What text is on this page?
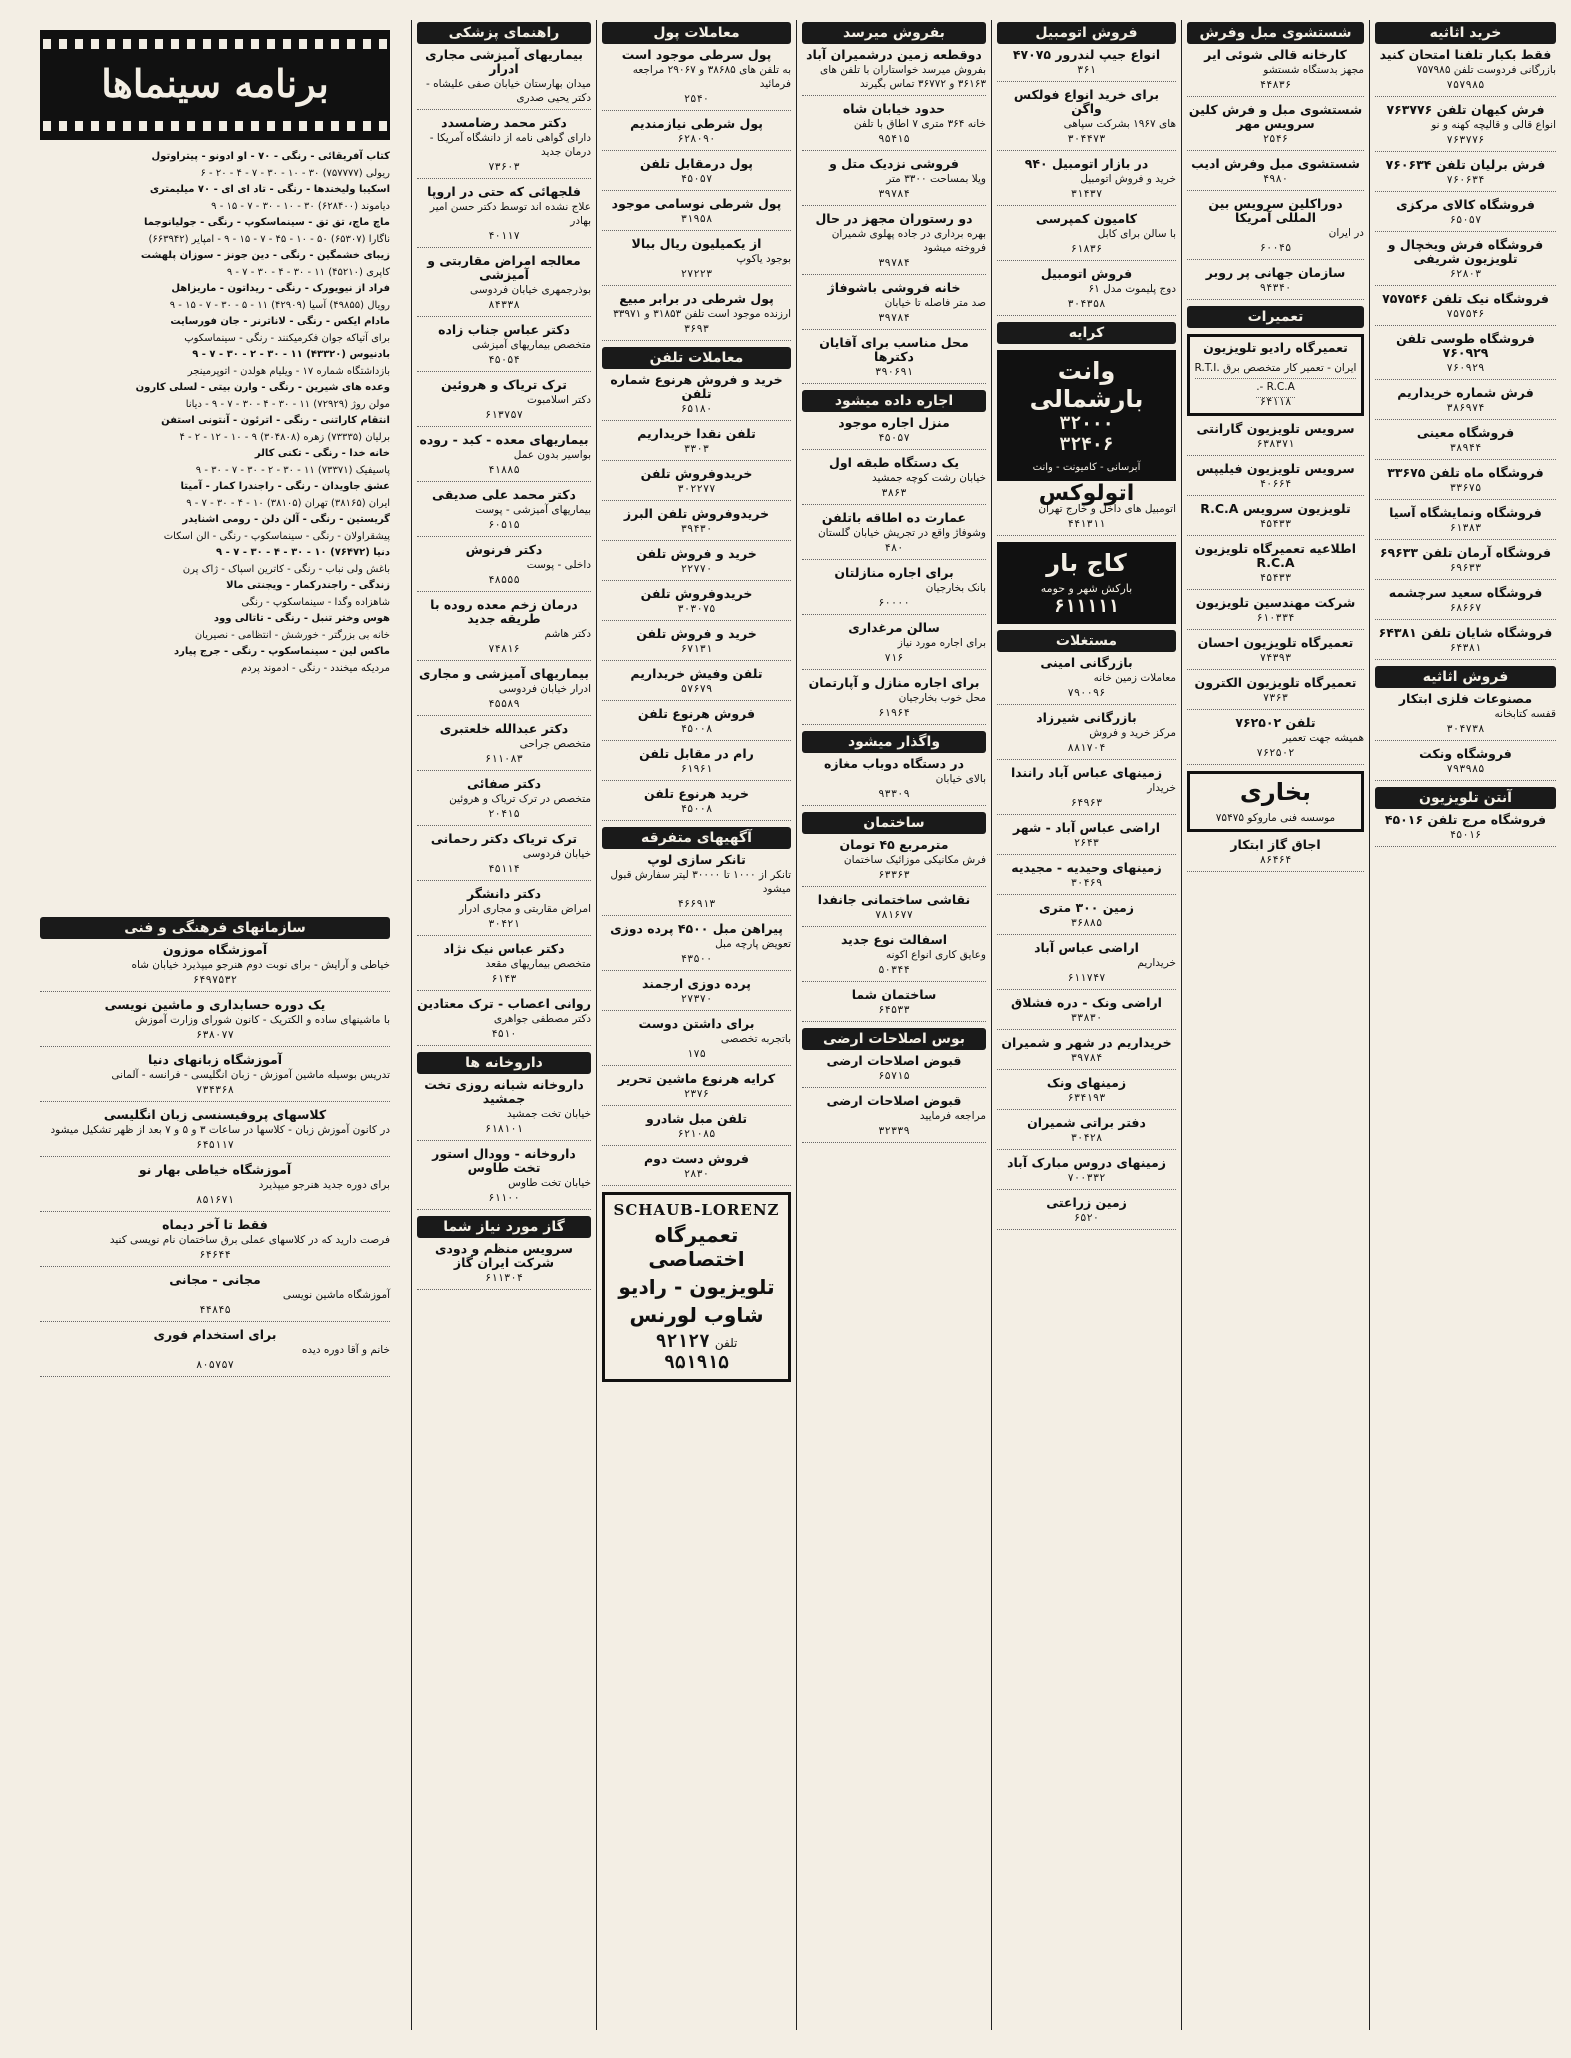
برنامه سینماها

کتاب آفریقائی - رنگی - ۷۰ - او ادونو - پیتراوتول

ریولی (۷۵۷۷۷۷) ۳۰ - ۱۰ - ۳۰ - ۷ - ۴ - ۲۰ - ۶

اسکیبا ولیخندها - رنگی - تاد ای ای - ۷۰ میلیمتری

دیاموند (۶۲۸۴۰۰) ۳۰ - ۱۰ - ۳۰ - ۷ - ۱۵ - ۹

ماچ ماچ، تق تق - سینماسکوپ - رنگی - جولیانوجما

ناگارا (۶۵۳۰۷) ۵۰ - ۱۰ - ۴۵ - ۷ - ۱۵ - ۹ - امپایر (۶۶۳۹۴۲)

زیبای خشمگین - رنگی - دین جونز - سوزان پلهشت

کاپری (۴۵۲۱۰) ۱۱ - ۳۰ - ۴ - ۳۰ - ۷ - ۹

فراد از نیویورک - رنگی - ریداتون - ماریزاهل

رویال (۴۹۸۵۵) آسیا (۴۲۹۰۹) ۱۱ - ۵ - ۳۰ - ۷ - ۱۵ - ۹

مادام ایکس - رنگی - لاناترنر - جان فورسایت

برای آتیاکه جوان فکرمیکنند - رنگی - سینماسکوپ

بادنیوس (۴۳۳۲۰) ۱۱ - ۳۰ - ۲ - ۳۰ - ۷ - ۹

بازداشتگاه شماره ۱۷ - ویلیام هولدن - اتوپرمینجر

وعده های شیرین - رنگی - وارن بیتی - لسلی کارون

مولن روژ (۷۲۹۲۹) ۱۱ - ۳۰ - ۴ - ۳۰ - ۷ - ۹ - دیانا

انتقام کاراتنی - رنگی - اترئون - آنتونی استفن

برلیان (۷۳۳۳۵) زهره (۳۰۴۸۰۸) ۹ - ۱۰ - ۱۲ - ۲ - ۴

خانه خدا - رنگی - تکنی کالر

پاسیفیک (۷۳۳۷۱) ۱۱ - ۳۰ - ۲ - ۳۰ - ۷ - ۳۰ - ۹

عشق جاویدان - رنگی - راجندرا کمار - آمیتا

ایران (۳۸۱۶۵) تهران (۳۸۱۰۵) ۱۰ - ۴ - ۳۰ - ۷ - ۹

گریستین - رنگی - آلن دلن - رومی اشنایدر

پیشقراولان - رنگی - سینماسکوپ - رنگی - الن اسکات

دنیا (۷۶۴۷۲) ۱۰ - ۳۰ - ۴ - ۳۰ - ۷ - ۹

باغش ولی نباب - رنگی - کاترین اسپاک - ژاک پرن

زندگی - راجندرکمار - ویجنتی مالا

شاهزاده وگدا - سینماسکوپ - رنگی

هوس وختر تنبل - رنگی - تاتالی وود

خانه بی بزرگتر - خورشش - انتظامی - نصیریان

ماکس لین - سینماسکوپ - رنگی - جرج پیارد

مردیکه میخندد - رنگی - ادموند پردم

سازمانهای فرهنگی و فنی
آموزشگاه موزون
خیاطی و آرایش - برای نوبت دوم هنرجو میپذیرد خیابان شاه
۶۴۹۷۵۳۲
یک دوره حسابداری و ماشین نویسی
با ماشینهای ساده و الکتریک - کانون شورای وزارت آموزش
۶۳۸۰۷۷
آموزشگاه زبانهای دنیا
تدریس بوسیله ماشین آموزش - زبان انگلیسی - فرانسه - آلمانی
۷۳۴۳۶۸
کلاسهای پروفیسنسی زبان انگلیسی
در کانون آموزش زبان - کلاسها در ساعات ۳ و ۵ و ۷ بعد از ظهر تشکیل میشود
۶۴۵۱۱۷
آموزشگاه خیاطی بهار نو
برای دوره جدید هنرجو میپذیرد
۸۵۱۶۷۱
فقط تا آخر دیماه
فرصت دارید که در کلاسهای عملی برق ساختمان نام نویسی کنید
۶۴۶۴۴
مجانی - مجانی
آموزشگاه ماشین نویسی
۴۴۸۴۵
برای استخدام فوری
خانم و آقا دوره دیده
۸۰۵۷۵۷
خرید اثاثیه
فقط بکبار تلفنا امتحان کنید
بازرگانی فردوست تلفن ۷۵۷۹۸۵
۷۵۷۹۸۵
فرش کیهان تلفن ۷۶۳۷۷۶
انواع قالی و قالیچه کهنه و نو
۷۶۳۷۷۶
فرش برلیان تلفن ۷۶۰۶۳۴
۷۶۰۶۳۴
فروشگاه کالای مرکزی
۶۵۰۵۷
فروشگاه فرش ویخچال و تلویزیون شریفی
۶۲۸۰۳
فروشگاه نیک تلفن ۷۵۷۵۴۶
۷۵۷۵۴۶
فروشگاه طوسی تلفن ۷۶۰۹۲۹
۷۶۰۹۲۹
فرش شماره خریداریم
۳۸۶۹۷۴
فروشگاه معینی
۳۸۹۴۴
فروشگاه ماه تلفن ۳۳۶۷۵
۳۳۶۷۵
فروشگاه ونمایشگاه آسیا
۶۱۳۸۳
فروشگاه آرمان تلفن ۶۹۶۳۳
۶۹۶۳۳
فروشگاه سعید سرچشمه
۶۸۶۶۷
فروشگاه شایان تلفن ۶۴۳۸۱
۶۴۳۸۱
فروش اثاثیه
مصنوعات فلزی ابتکار
قفسه کتابخانه
۳۰۴۷۳۸
فروشگاه ونکت
۷۹۳۹۸۵
آنتن تلویزیون
فروشگاه مرج تلفن ۴۵۰۱۶
۴۵۰۱۶
شستشوی مبل وفرش
کارخانه قالی شوئی ایر
مجهز بدستگاه شستشو
۴۴۸۳۶
شستشوی مبل و فرش کلین سرویس مهر
۲۵۴۶
شستشوی مبل وفرش ادیب
۴۹۸۰
دوراکلین سرویس بین المللی آمریکا
در ایران
۶۰۰۴۵
سازمان جهانی پر روبر
۹۴۳۴۰
تعمیرات
تعمیرگاه رادیو تلویزیون
ایران - تعمیر کار متخصص برق R.T.I. - R.C.A.
۶۴۱۱۸
سرویس تلویزیون گارانتی
۶۳۸۳۷۱
سرویس تلویزیون فیلیپس
۴۰۶۶۴
تلویزیون سرویس R.C.A
۴۵۴۳۳
اطلاعیه تعمیرگاه تلویزیون R.C.A
۴۵۴۳۳
شرکت مهندسین تلویزیون
۶۱۰۳۳۴
تعمیرگاه تلویزیون احسان
۷۴۳۹۳
تعمیرگاه تلویزیون الکترون
۷۳۶۳
تلفن ۷۶۲۵۰۲
همیشه جهت تعمیر
۷۶۲۵۰۲
بخاری
موسسه فنی ماروکو ۷۵۴۷۵
اجاق گاز ابتکار
۸۶۴۶۴
فروش اتومبیل
انواع جیپ لندرور ۴۷۰۷۵
۳۶۱
برای خرید انواع فولکس واگن
های ۱۹۶۷ بشرکت سپاهی
۳۰۴۴۷۳
در بازار اتومبیل ۹۴۰
خرید و فروش اتومبیل
۳۱۴۳۷
کامیون کمپرسی
با سالن برای کابل
۶۱۸۳۶
فروش اتومبیل
دوج پلیموت مدل ۶۱
۳۰۴۳۵۸
کرایه
وانت بارشمالی
۳۲۰۰۰
۳۲۴۰۶
آبرسانی - کامیونت - وانت
اتولوکس
اتومبیل های داخل و خارج تهران
۴۴۱۳۱۱
کاج بار
بارکش شهر و حومه
۶۱۱۱۱۱
مستغلات
بازرگانی امینی
معاملات زمین خانه
۷۹۰۰۹۶
بازرگانی شیرزاد
مرکز خرید و فروش
۸۸۱۷۰۴
زمینهای عباس آباد رانندا
خریدار
۶۴۹۶۳
اراضی عباس آباد - شهر
۲۶۴۳
زمینهای وحیدیه - مجیدیه
۳۰۴۶۹
زمین ۳۰۰ متری
۳۶۸۸۵
اراضی عباس آباد
خریداریم
۶۱۱۷۴۷
اراضی ونک - دره فشلاق
۳۳۸۳۰
خریداریم در شهر و شمیران
۳۹۷۸۴
زمینهای ونک
۶۳۴۱۹۳
دفتر براتی شمیران
۳۰۴۲۸
زمینهای دروس مبارک آباد
۷۰۰۳۳۲
زمین زراعتی
۶۵۲۰
بفروش میرسد
دوقطعه زمین درشمیران آباد
بفروش میرسد خواستاران با تلفن های ۳۶۱۶۳ و ۳۶۷۷۲ تماس بگیرند
حدود خیابان شاه
خانه ۳۶۴ متری ۷ اطاق با تلفن
۹۵۴۱۵
فروشی نزدیک متل و
ویلا بمساحت ۳۳۰۰ متر
۳۹۷۸۴
دو رستوران مجهز در حال
بهره برداری در جاده پهلوی شمیران فروخته میشود
۳۹۷۸۴
خانه فروشی باشوفاژ
صد متر فاصله تا خیابان
۳۹۷۸۴
محل مناسب برای آقایان دکترها
۳۹۰۶۹۱
اجاره داده میشود
منزل اجاره موجود
۴۵۰۵۷
یک دستگاه طبقه اول
خیابان رشت کوچه جمشید
۳۸۶۳
عمارت ده اطاقه باتلفن
وشوفاژ واقع در تجریش خیابان گلستان
۴۸۰
برای اجاره منازلتان
بانک بخارجیان
۶۰۰۰۰
سالن مرغداری
برای اجاره مورد نیاز
۷۱۶
برای اجاره منازل و آپارتمان
محل خوب بخارجیان
۶۱۹۶۴
واگذار میشود
در دستگاه دوباب مغازه
بالای خیابان
۹۳۳۰۹
ساختمان
مترمربع ۴۵ تومان
فرش مکانیکی موزائیک ساختمان
۶۳۳۶۳
نقاشی ساختمانی جانفدا
۷۸۱۶۷۷
اسفالت نوع جدید
وعایق کاری انواع اکونه
۵۰۳۴۴
ساختمان شما
۶۴۵۳۳
بوس اصلاحات ارضی
قبوض اصلاحات ارضی
۶۵۷۱۵
قبوض اصلاحات ارضی
مراجعه فرمایید
۳۲۳۳۹
معاملات پول
پول سرطی موجود است
به تلفن های ۳۸۶۸۵ و ۲۹۰۶۷ مراجعه فرمائید
۲۵۴۰
پول شرطی نیازمندیم
۶۲۸۰۹۰
پول درمقابل تلفن
۴۵۰۵۷
پول شرطی نوسامی موجود
۳۱۹۵۸
از یکمیلیون ریال ببالا
بوجود یاکوپ
۲۷۲۲۳
پول شرطی در برابر مبیع
ارزنده موجود است تلفن ۳۱۸۵۳ و ۳۳۹۷۱
۳۶۹۳
معاملات تلفن
خرید و فروش هرنوع شماره تلفن
۶۵۱۸۰
تلفن نقدا خریداریم
۳۳۰۳
خریدوفروش تلفن
۳۰۲۲۷۷
خریدوفروش تلفن البرز
۳۹۴۳۰
خرید و فروش تلفن
۲۲۷۷۰
خریدوفروش تلفن
۳۰۳۰۷۵
خرید و فروش تلفن
۶۷۱۳۱
تلفن وفیش خریداریم
۵۷۶۷۹
فروش هرنوع تلفن
۴۵۰۰۸
رام در مقابل تلفن
۶۱۹۶۱
خرید هرنوع تلفن
۴۵۰۰۸
آگهیهای متفرقه
تانکر سازی لوپ
تانکر از ۱۰۰۰ تا ۳۰۰۰۰ لیتر سفارش قبول میشود
۴۶۶۹۱۳
پیراهن مبل ۴۵۰۰ پرده دوزی
تعویض پارچه مبل
۴۳۵۰۰
پرده دوزی ارجمند
۲۷۳۷۰
برای داشتن دوست
باتجربه تخصصی
۱۷۵
کرایه هرنوع ماشین تحریر
۲۳۷۶
تلفن مبل شادرو
۶۲۱۰۸۵
فروش دست دوم
۲۸۳۰
SCHAUB-LORENZ
تعمیرگاه اختصاصی
تلویزیون - رادیو
شاوب لورنس
تلفن ۹۲۱۲۷
۹۵۱۹۱۵
راهنمای پزشکی
بیماریهای آمیزشی مجاری ادرار
میدان بهارستان خیابان صفی علیشاه - دکتر یحیی صدری
دکتر محمد رضامسدد
دارای گواهی نامه از دانشگاه آمریکا - درمان جدید
۷۳۶۰۳
فلجهائی که حتی در اروپا
علاج نشده اند توسط دکتر حسن امیر بهادر
۴۰۱۱۷
معالجه امراض مقاربتی و آمیزشی
بوذرجمهری خیابان فردوسی
۸۴۳۳۸
دکتر عباس جناب زاده
متخصص بیماریهای آمیزشی
۴۵۰۵۴
ترک تریاک و هروئین
دکتر اسلامبوت
۶۱۳۷۵۷
بیماریهای معده - کبد - روده
بواسیر بدون عمل
۴۱۸۸۵
دکتر محمد علی صدیقی
بیماریهای آمیزشی - پوست
۶۰۵۱۵
دکتر فرنوش
داخلی - پوست
۴۸۵۵۵
درمان زخم معده روده با طریقه جدید
دکتر هاشم
۷۴۸۱۶
بیماریهای آمیزشی و مجاری
ادرار خیابان فردوسی
۴۵۵۸۹
دکتر عبدالله خلعتبری
متخصص جراحی
۶۱۱۰۸۳
دکتر صفائی
متخصص در ترک تریاک و هروئین
۲۰۴۱۵
ترک تریاک دکتر رحمانی
خیابان فردوسی
۴۵۱۱۴
دکتر دانشگر
امراض مقاربتی و مجاری ادرار
۳۰۴۲۱
دکتر عباس نیک نژاد
متخصص بیماریهای مقعد
۶۱۴۳
روانی اعصاب - ترک معتادین
دکتر مصطفی جواهری
۴۵۱۰
داروخانه ها
داروخانه شبانه روزی تخت جمشید
خیابان تخت جمشید
۶۱۸۱۰۱
داروخانه - وودال استور تخت طاوس
خیابان تخت طاوس
۶۱۱۰۰
گاز مورد نیاز شما
سرویس منظم و دودی شرکت ایران گاز
۶۱۱۳۰۴
